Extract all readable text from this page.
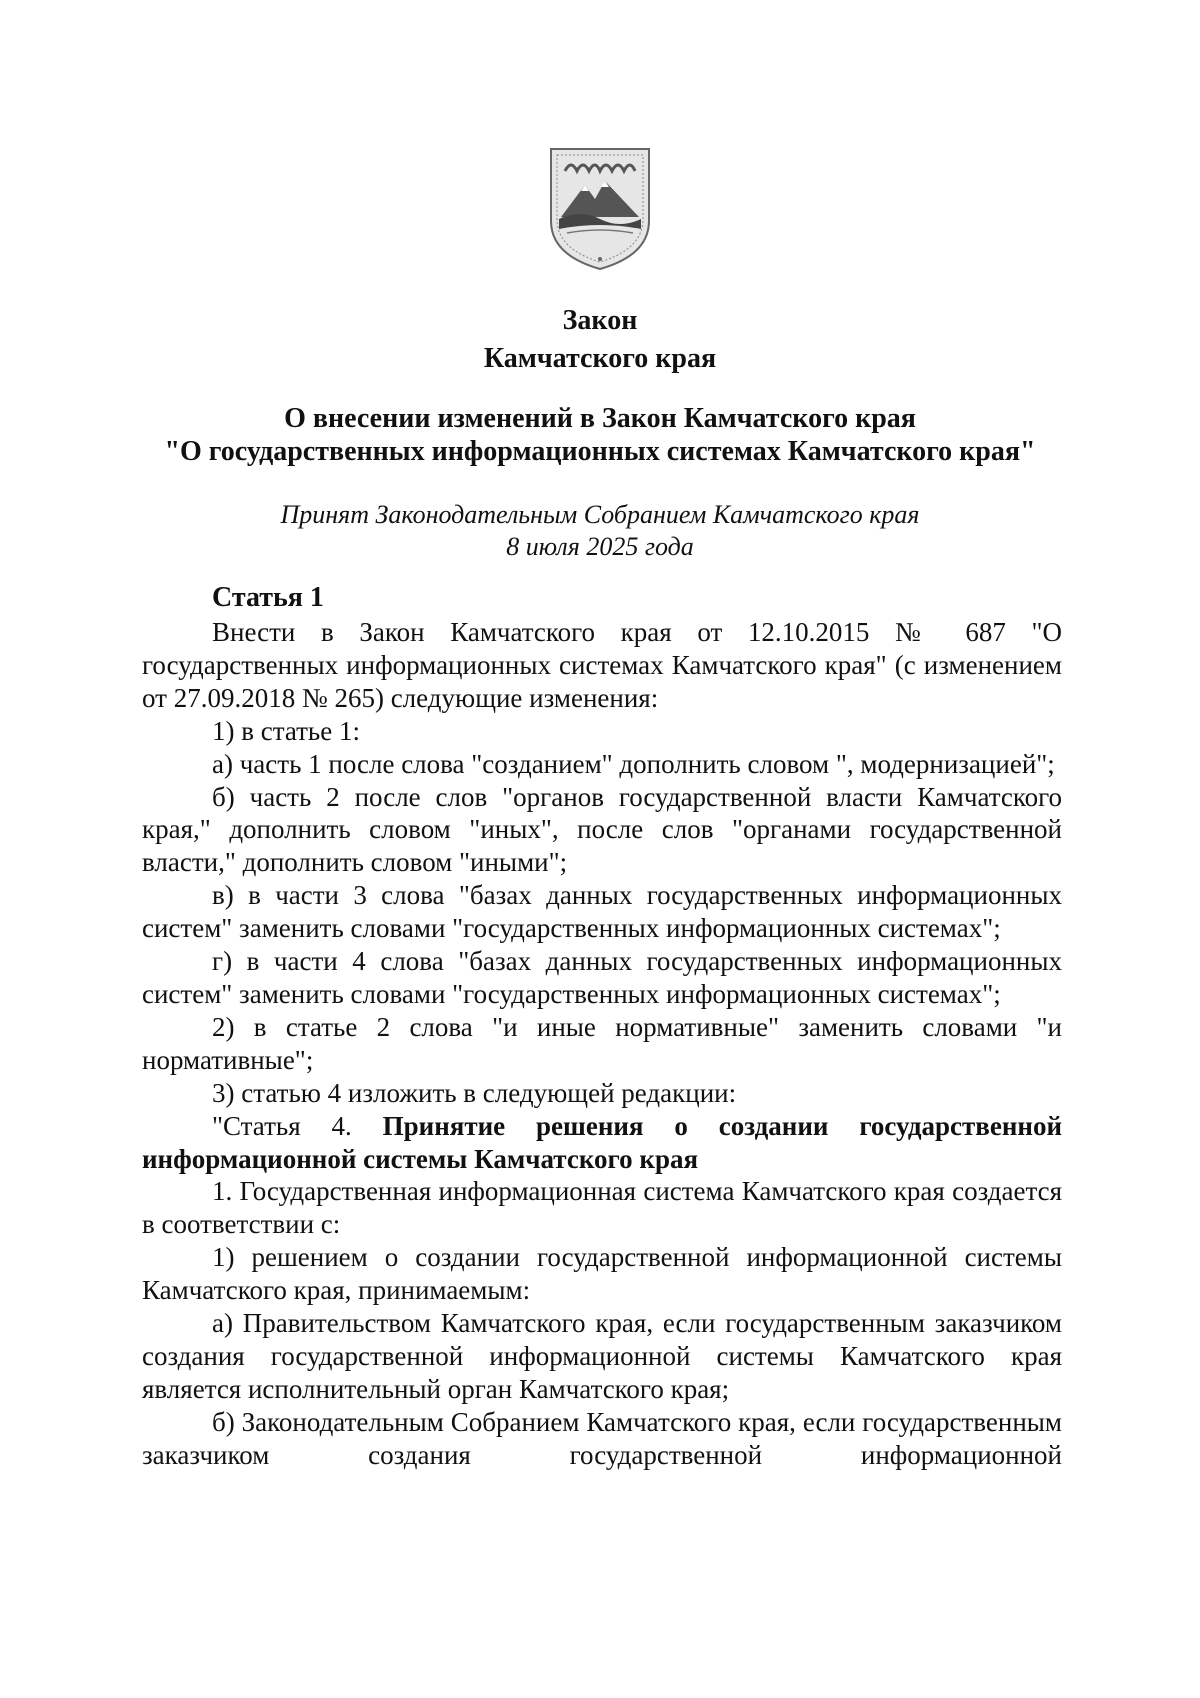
Закон
Камчатского края
О внесении изменений в Закон Камчатского края
"О государственных информационных системах Камчатского края"
Принят Законодательным Собранием Камчатского края
8 июля 2025 года
Статья 1

Внести в Закон Камчатского края от 12.10.2015 № 687 "О государственных информационных системах Камчатского края" (с изменением от 27.09.2018 № 265) следующие изменения:

1) в статье 1:

а) часть 1 после слова "созданием" дополнить словом ", модернизацией";

б) часть 2 после слов "органов государственной власти Камчатского края," дополнить словом "иных", после слов "органами государственной власти," дополнить словом "иными";

в) в части 3 слова "базах данных государственных информационных систем" заменить словами "государственных информационных системах";

г) в части 4 слова "базах данных государственных информационных систем" заменить словами "государственных информационных системах";

2) в статье 2 слова "и иные нормативные" заменить словами "и нормативные";

3) статью 4 изложить в следующей редакции:

"Статья 4. Принятие решения о создании государственной информационной системы Камчатского края

1. Государственная информационная система Камчатского края создается в соответствии с:

1) решением о создании государственной информационной системы Камчатского края, принимаемым:

а) Правительством Камчатского края, если государственным заказчиком создания государственной информационной системы Камчатского края является исполнительный орган Камчатского края;

б) Законодательным Собранием Камчатского края, если государственным заказчиком создания государственной информационной
